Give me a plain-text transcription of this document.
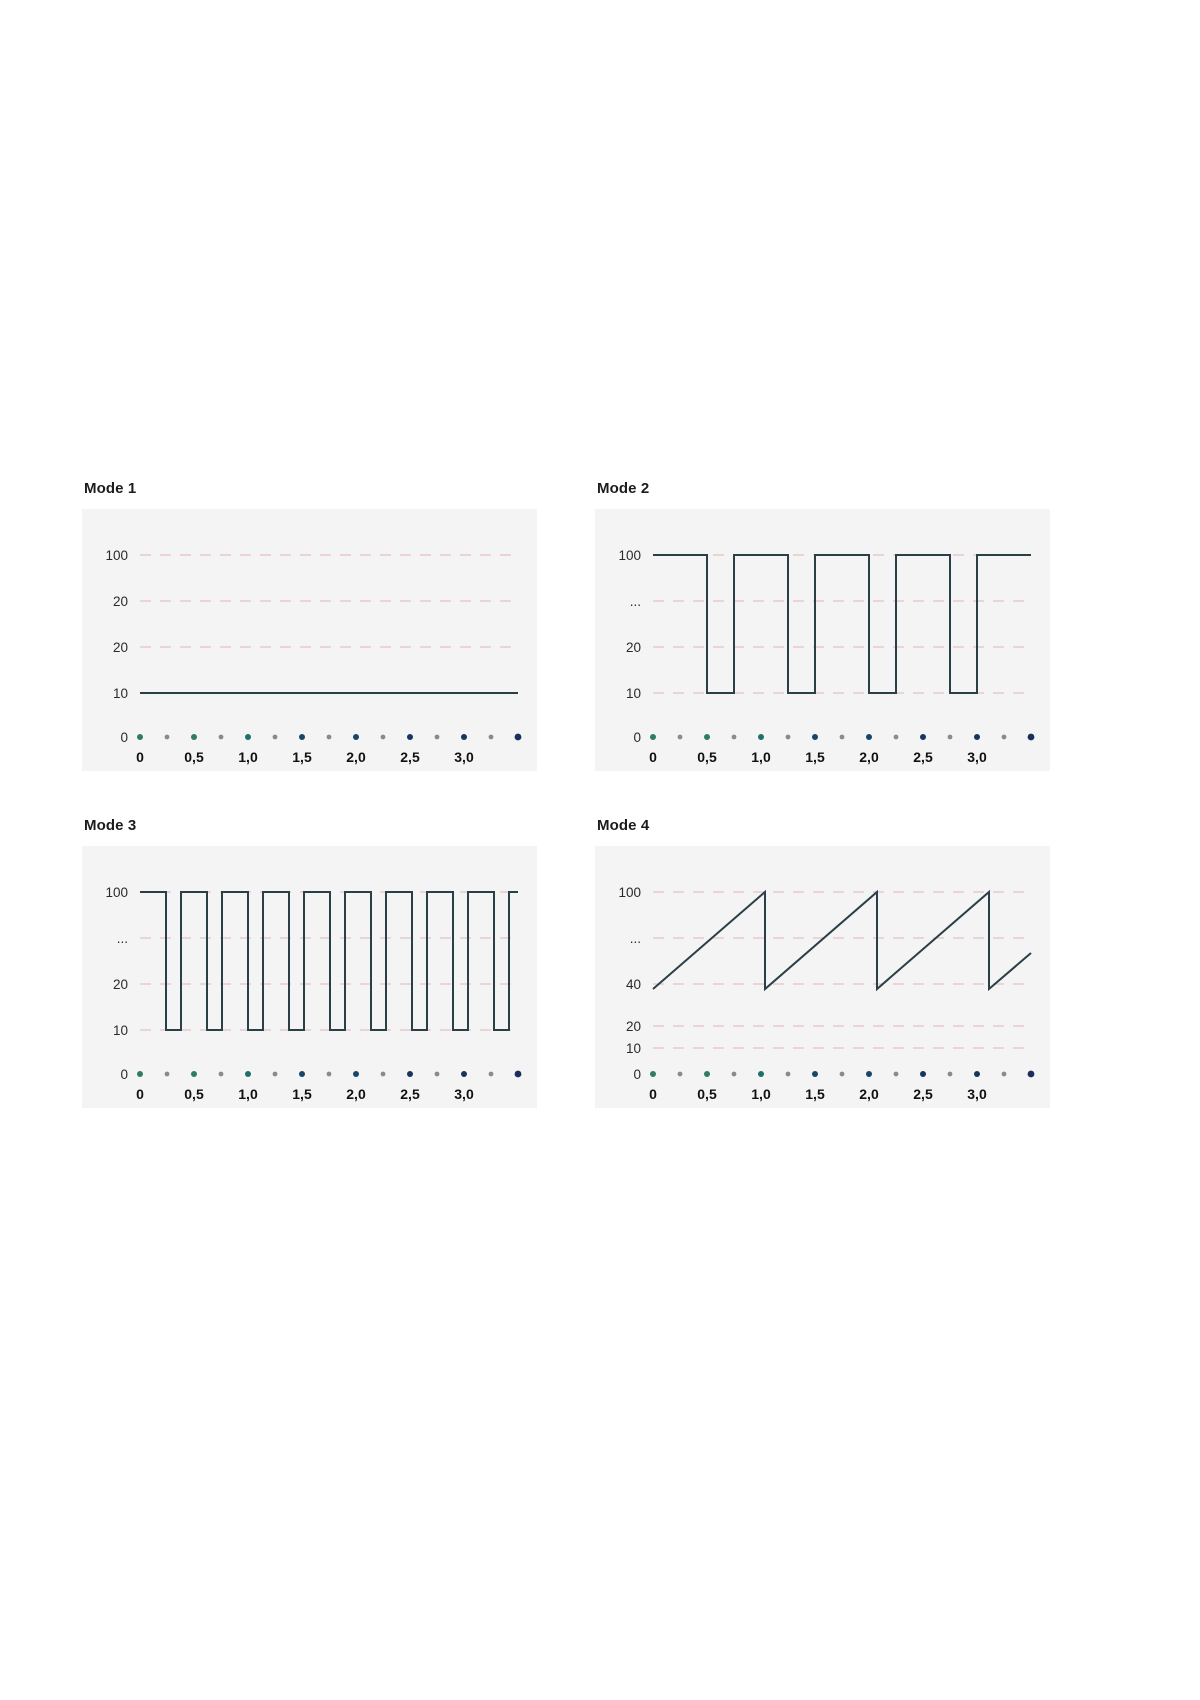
Mode 1
100
20
20
10
0
0	0,5 1,0 1,5 2,0 2,5 3,0
Mode 2
100
...
20
10
0
0	0,5 1,0 1,5 2,0 2,5 3,0
Mode 3
100
...
20
10
0
0	0,5 1,0 1,5 2,0 2,5 3,0
Mode 4
100
...
40
20
10
0
0	0,5 1,0 1,5 2,0 2,5 3,0
